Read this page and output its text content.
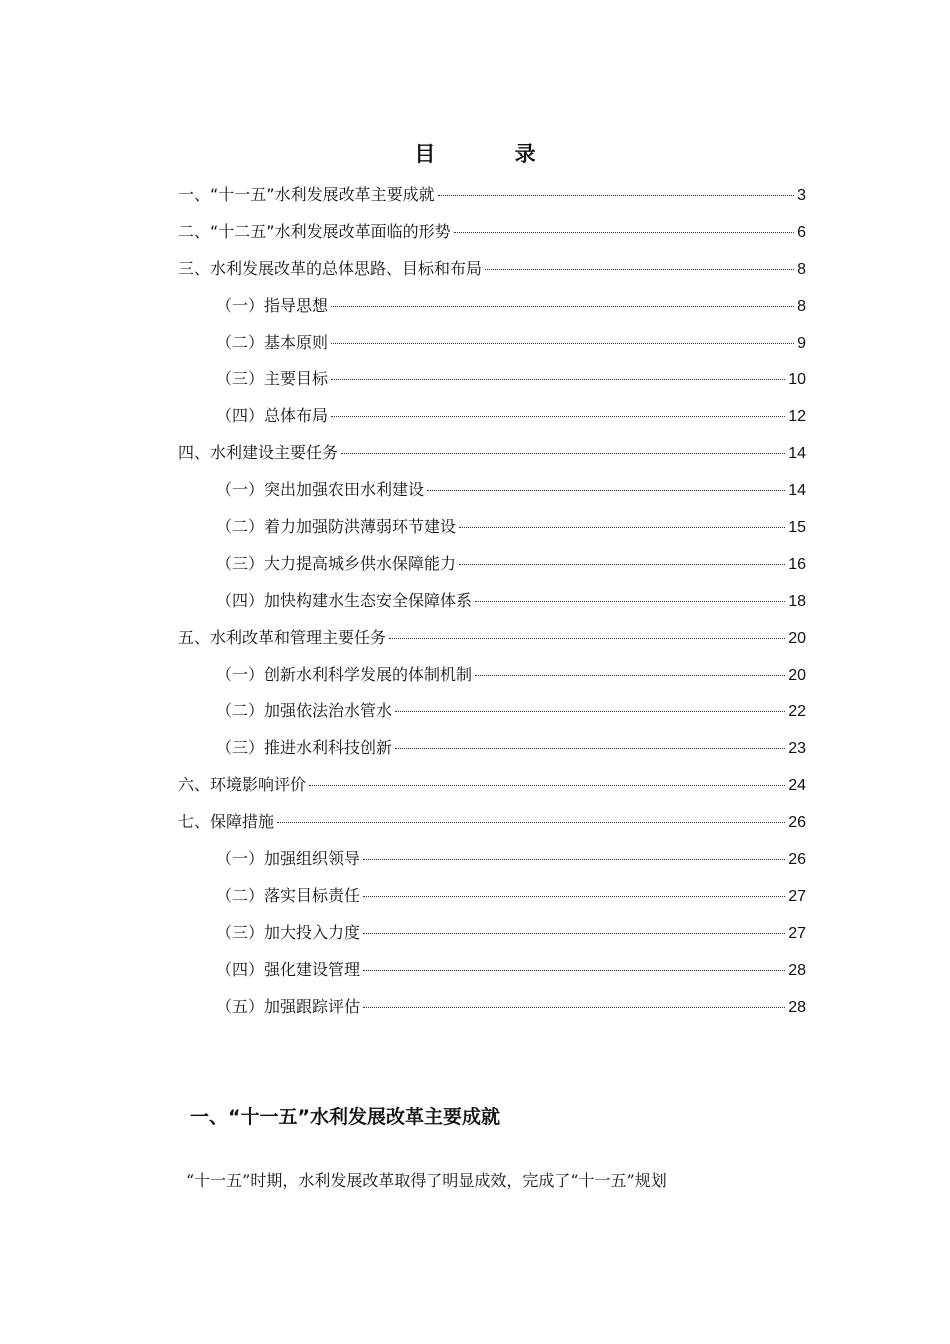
目 录
一、“十一五”水利发展改革主要成就	3
二、“十二五”水利发展改革面临的形势	6
三、水利发展改革的总体思路、目标和布局	8
（一）指导思想	8
（二）基本原则	9
（三）主要目标	10
（四）总体布局	12
四、水利建设主要任务	14
（一）突出加强农田水利建设	14
（二）着力加强防洪薄弱环节建设	15
（三）大力提高城乡供水保障能力	16
（四）加快构建水生态安全保障体系	18
五、水利改革和管理主要任务	20
（一）创新水利科学发展的体制机制	20
（二）加强依法治水管水	22
（三）推进水利科技创新	23
六、环境影响评价	24
七、保障措施	26
（一）加强组织领导	26
（二）落实目标责任	27
（三）加大投入力度	27
（四）强化建设管理	28
（五）加强跟踪评估	28
一、“十一五”水利发展改革主要成就
“十一五”时期，水利发展改革取得了明显成效，完成了“十一五”规划
